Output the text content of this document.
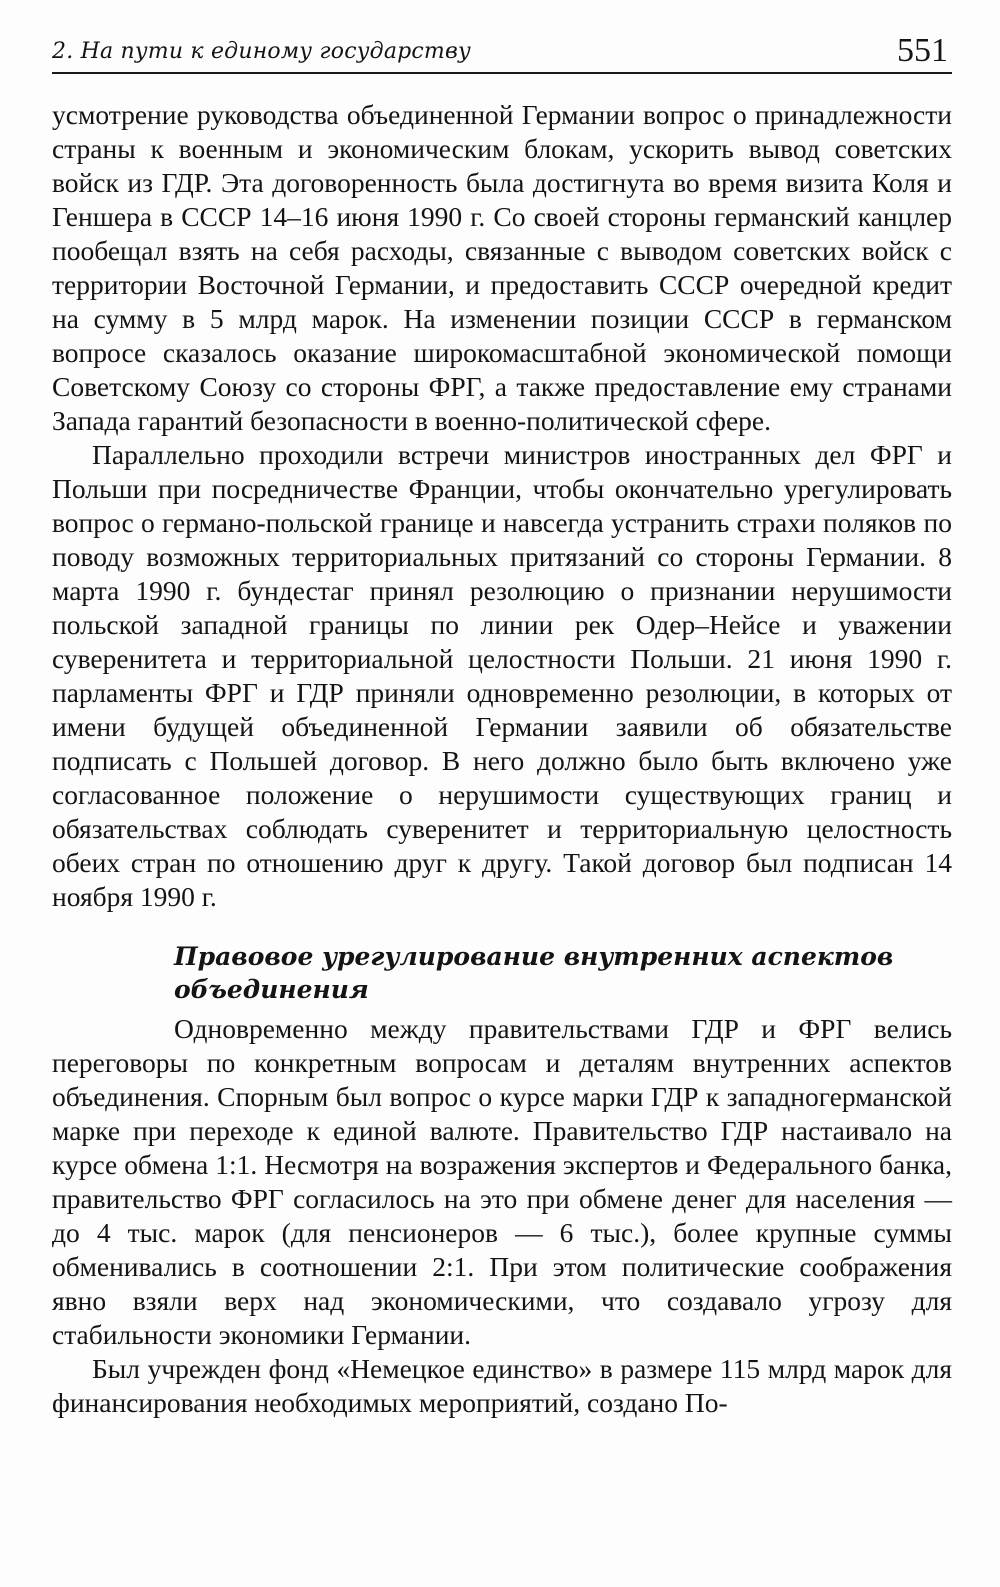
2. На пути к единому государству	551

усмотрение руководства объединенной Германии вопрос о принадлежности страны к военным и экономическим блокам, ускорить вывод советских войск из ГДР. Эта договоренность была достигнута во время визита Коля и Геншера в СССР 14–16 июня 1990 г. Со своей стороны германский канцлер пообещал взять на себя расходы, связанные с выводом советских войск с территории Восточной Германии, и предоставить СССР очередной кредит на сумму в 5 млрд марок. На изменении позиции СССР в германском вопросе сказалось оказание широкомасштабной экономической помощи Советскому Союзу со стороны ФРГ, а также предоставление ему странами Запада гарантий безопасности в военно-политической сфере.

Параллельно проходили встречи министров иностранных дел ФРГ и Польши при посредничестве Франции, чтобы окончательно урегулировать вопрос о германо-польской границе и навсегда устранить страхи поляков по поводу возможных территориальных притязаний со стороны Германии. 8 марта 1990 г. бундестаг принял резолюцию о признании нерушимости польской западной границы по линии рек Одер–Нейсе и уважении суверенитета и территориальной целостности Польши. 21 июня 1990 г. парламенты ФРГ и ГДР приняли одновременно резолюции, в которых от имени будущей объединенной Германии заявили об обязательстве подписать с Польшей договор. В него должно было быть включено уже согласованное положение о нерушимости существующих границ и обязательствах соблюдать суверенитет и территориальную целостность обеих стран по отношению друг к другу. Такой договор был подписан 14 ноября 1990 г.

Правовое урегулирование внутренних аспектов объединения

Одновременно между правительствами ГДР и ФРГ велись переговоры по конкретным вопросам и деталям внутренних аспектов объединения. Спорным был вопрос о курсе марки ГДР к западногерманской марке при переходе к единой валюте. Правительство ГДР настаивало на курсе обмена 1:1. Несмотря на возражения экспертов и Федерального банка, правительство ФРГ согласилось на это при обмене денег для населения — до 4 тыс. марок (для пенсионеров — 6 тыс.), более крупные суммы обменивались в соотношении 2:1. При этом политические соображения явно взяли верх над экономическими, что создавало угрозу для стабильности экономики Германии.

Был учрежден фонд «Немецкое единство» в размере 115 млрд марок для финансирования необходимых мероприятий, создано По-
